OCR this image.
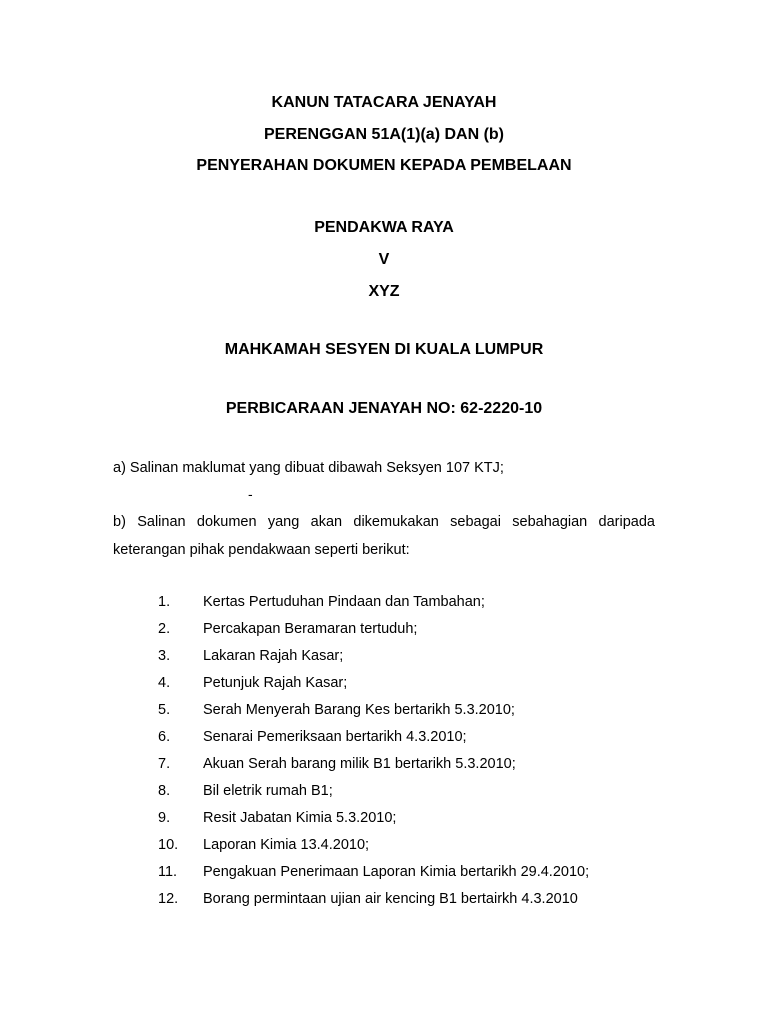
KANUN TATACARA JENAYAH
PERENGGAN 51A(1)(a) DAN (b)
PENYERAHAN DOKUMEN KEPADA PEMBELAAN
PENDAKWA RAYA
V
XYZ
MAHKAMAH SESYEN DI KUALA LUMPUR
PERBICARAAN JENAYAH NO: 62-2220-10

a) Salinan maklumat yang dibuat dibawah Seksyen 107 KTJ;

-

b) Salinan dokumen yang akan dikemukakan sebagai sebahagian daripada

keterangan pihak pendakwaan seperti berikut:

1. Kertas Pertuduhan Pindaan dan Tambahan;
2. Percakapan Beramaran tertuduh;
3. Lakaran Rajah Kasar;
4. Petunjuk Rajah Kasar;
5. Serah Menyerah Barang Kes bertarikh 5.3.2010;
6. Senarai Pemeriksaan bertarikh 4.3.2010;
7. Akuan Serah barang milik B1 bertarikh 5.3.2010;
8. Bil eletrik rumah B1;
9. Resit Jabatan Kimia 5.3.2010;
10. Laporan Kimia 13.4.2010;
11. Pengakuan Penerimaan Laporan Kimia bertarikh 29.4.2010;
12. Borang permintaan ujian air kencing B1 bertairkh 4.3.2010
